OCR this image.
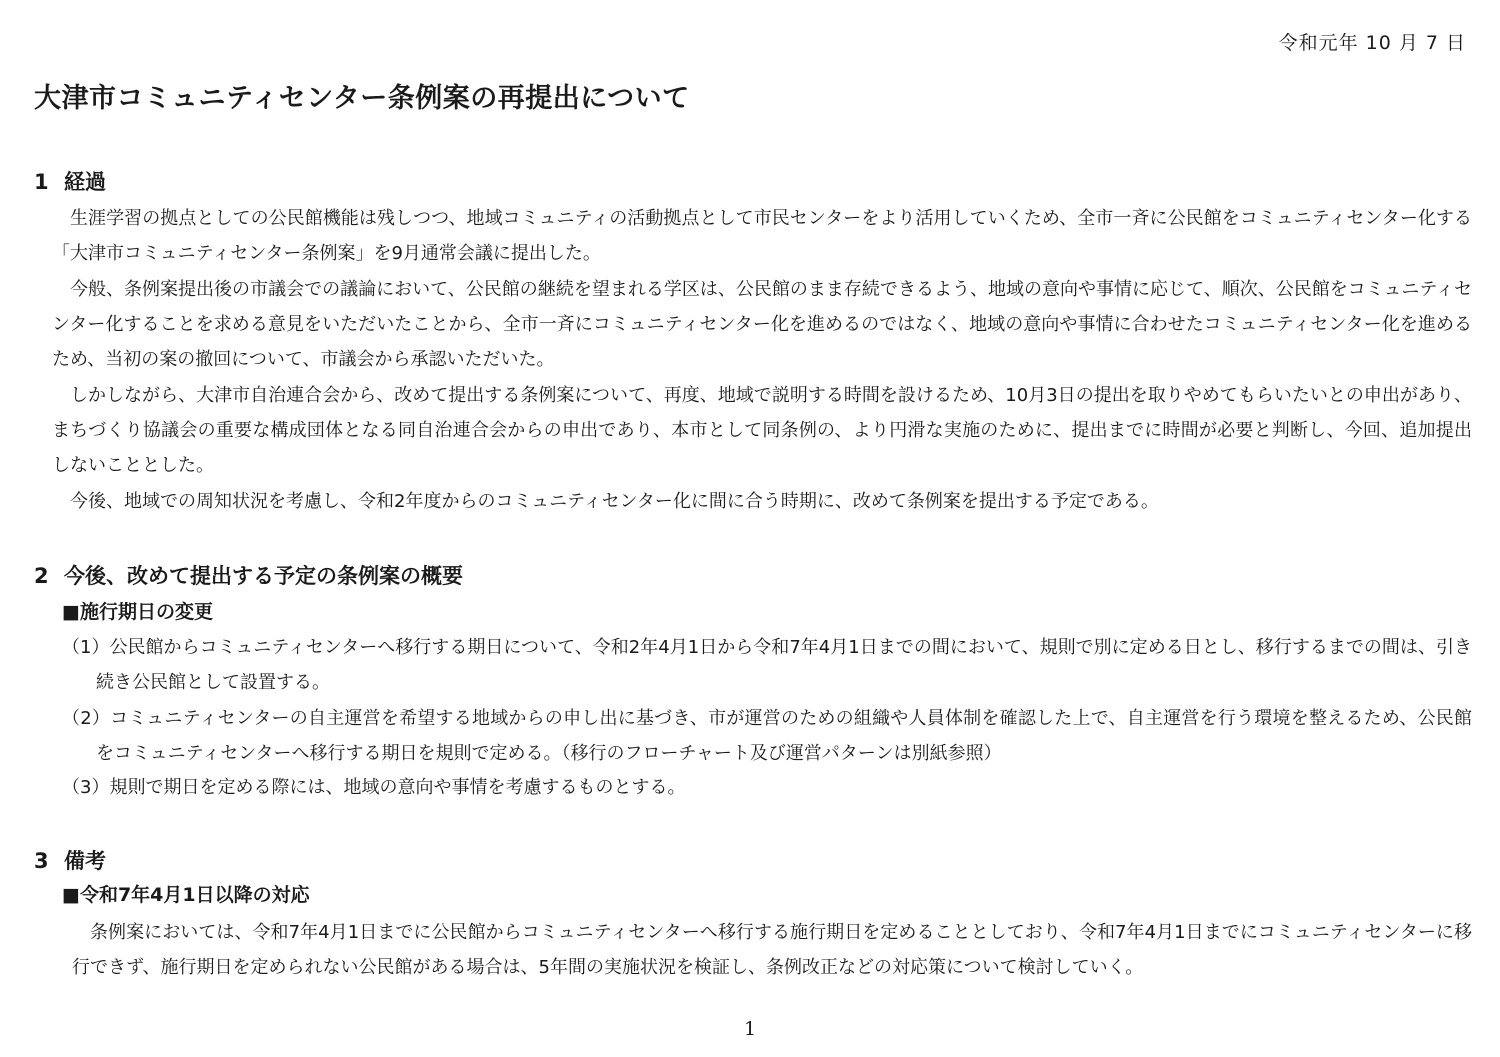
令和元年 10 月 7 日
大津市コミュニティセンター条例案の再提出について
1 経過

生涯学習の拠点としての公民館機能は残しつつ、地域コミュニティの活動拠点として市民センターをより活用していくため、全市一斉に公民館をコミュニティセンター化する「大津市コミュニティセンター条例案」を9月通常会議に提出した。

今般、条例案提出後の市議会での議論において、公民館の継続を望まれる学区は、公民館のまま存続できるよう、地域の意向や事情に応じて、順次、公民館をコミュニティセンター化することを求める意見をいただいたことから、全市一斉にコミュニティセンター化を進めるのではなく、地域の意向や事情に合わせたコミュニティセンター化を進めるため、当初の案の撤回について、市議会から承認いただいた。

しかしながら、大津市自治連合会から、改めて提出する条例案について、再度、地域で説明する時間を設けるため、10月3日の提出を取りやめてもらいたいとの申出があり、まちづくり協議会の重要な構成団体となる同自治連合会からの申出であり、本市として同条例の、より円滑な実施のために、提出までに時間が必要と判断し、今回、追加提出しないこととした。

今後、地域での周知状況を考慮し、令和2年度からのコミュニティセンター化に間に合う時期に、改めて条例案を提出する予定である。

2 今後、改めて提出する予定の条例案の概要
■施行期日の変更

（1）公民館からコミュニティセンターへ移行する期日について、令和2年4月1日から令和7年4月1日までの間において、規則で別に定める日とし、移行するまでの間は、引き続き公民館として設置する。

（2）コミュニティセンターの自主運営を希望する地域からの申し出に基づき、市が運営のための組織や人員体制を確認した上で、自主運営を行う環境を整えるため、公民館をコミュニティセンターへ移行する期日を規則で定める。（移行のフローチャート及び運営パターンは別紙参照）

（3）規則で期日を定める際には、地域の意向や事情を考慮するものとする。

3 備考
■令和7年4月1日以降の対応

条例案においては、令和7年4月1日までに公民館からコミュニティセンターへ移行する施行期日を定めることとしており、令和7年4月1日までにコミュニティセンターに移行できず、施行期日を定められない公民館がある場合は、5年間の実施状況を検証し、条例改正などの対応策について検討していく。

1
